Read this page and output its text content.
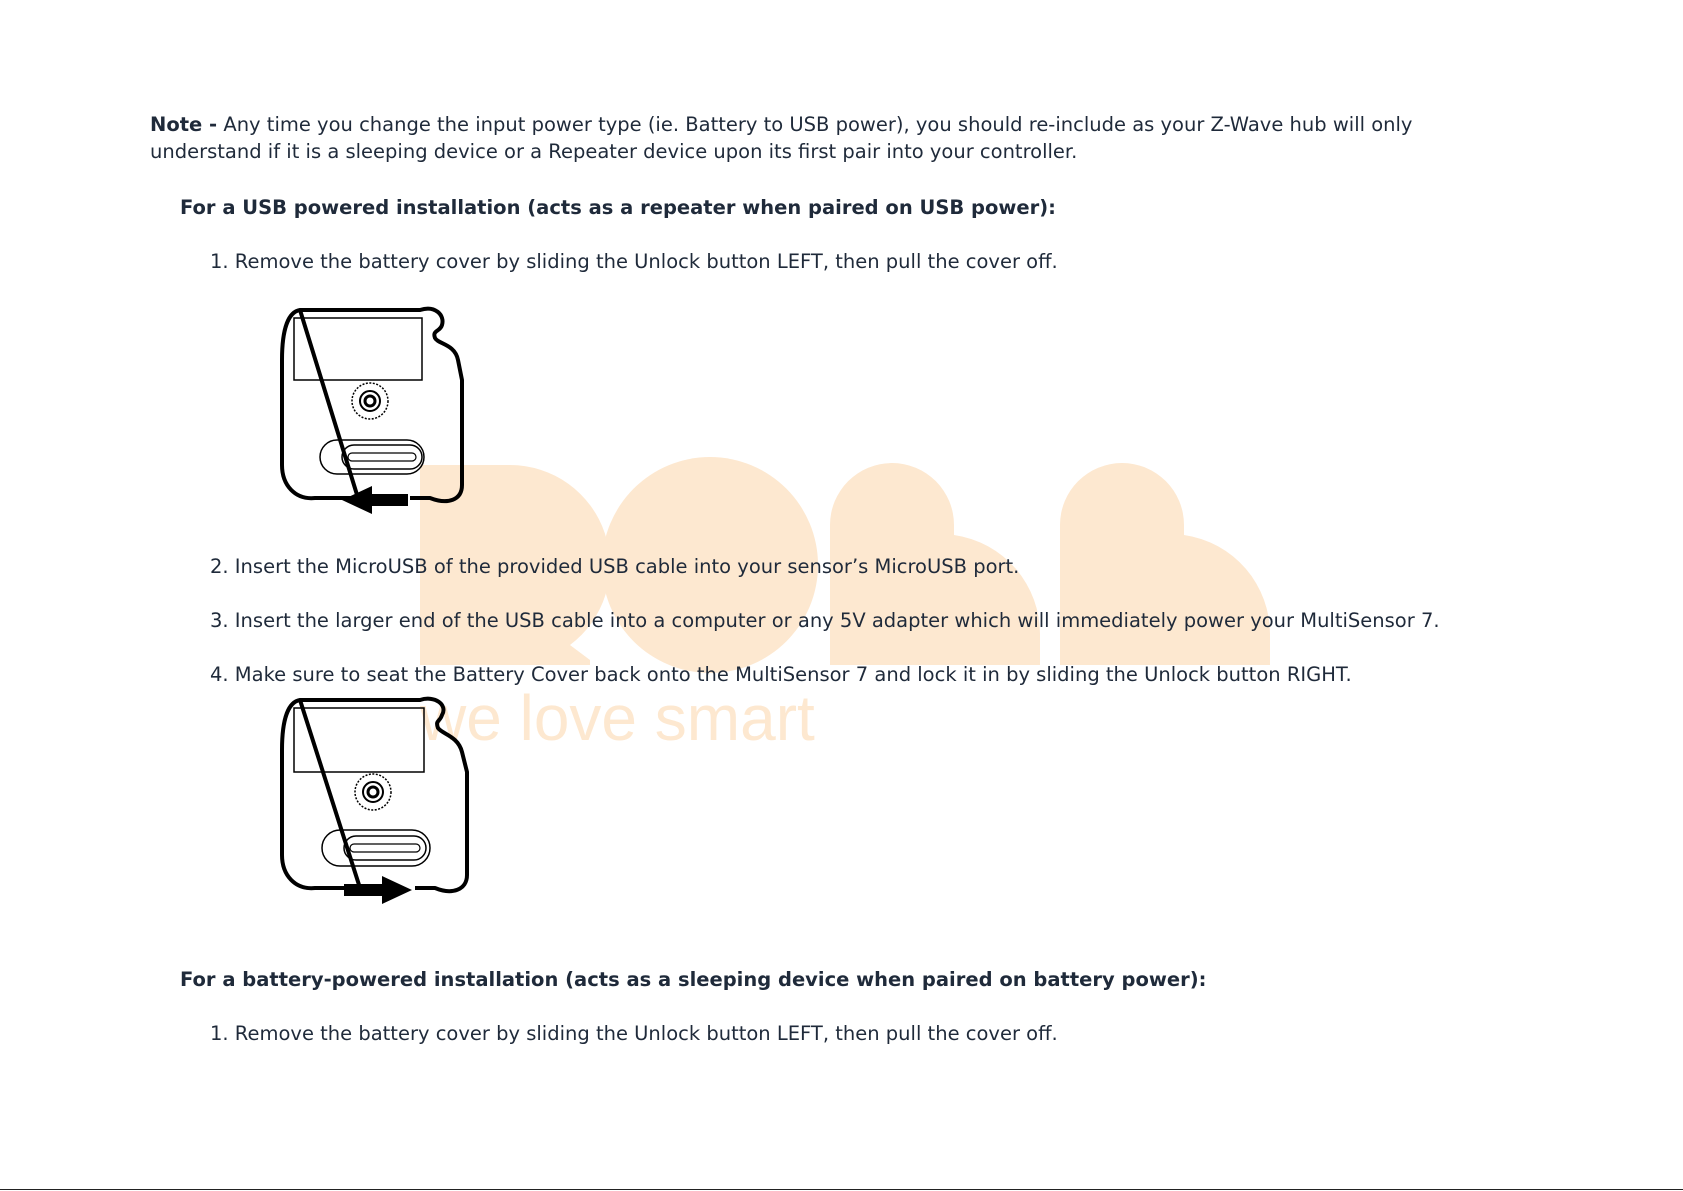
we love smart
Note - Any time you change the input power type (ie. Battery to USB power), you should re-include as your Z-Wave hub will only understand if it is a sleeping device or a Repeater device upon its first pair into your controller.
For a USB powered installation (acts as a repeater when paired on USB power):
1. Remove the battery cover by sliding the Unlock button LEFT, then pull the cover off.
2. Insert the MicroUSB of the provided USB cable into your sensor’s MicroUSB port.
3. Insert the larger end of the USB cable into a computer or any 5V adapter which will immediately power your MultiSensor 7.
4. Make sure to seat the Battery Cover back onto the MultiSensor 7 and lock it in by sliding the Unlock button RIGHT.
For a battery-powered installation (acts as a sleeping device when paired on battery power):
1. Remove the battery cover by sliding the Unlock button LEFT, then pull the cover off.
